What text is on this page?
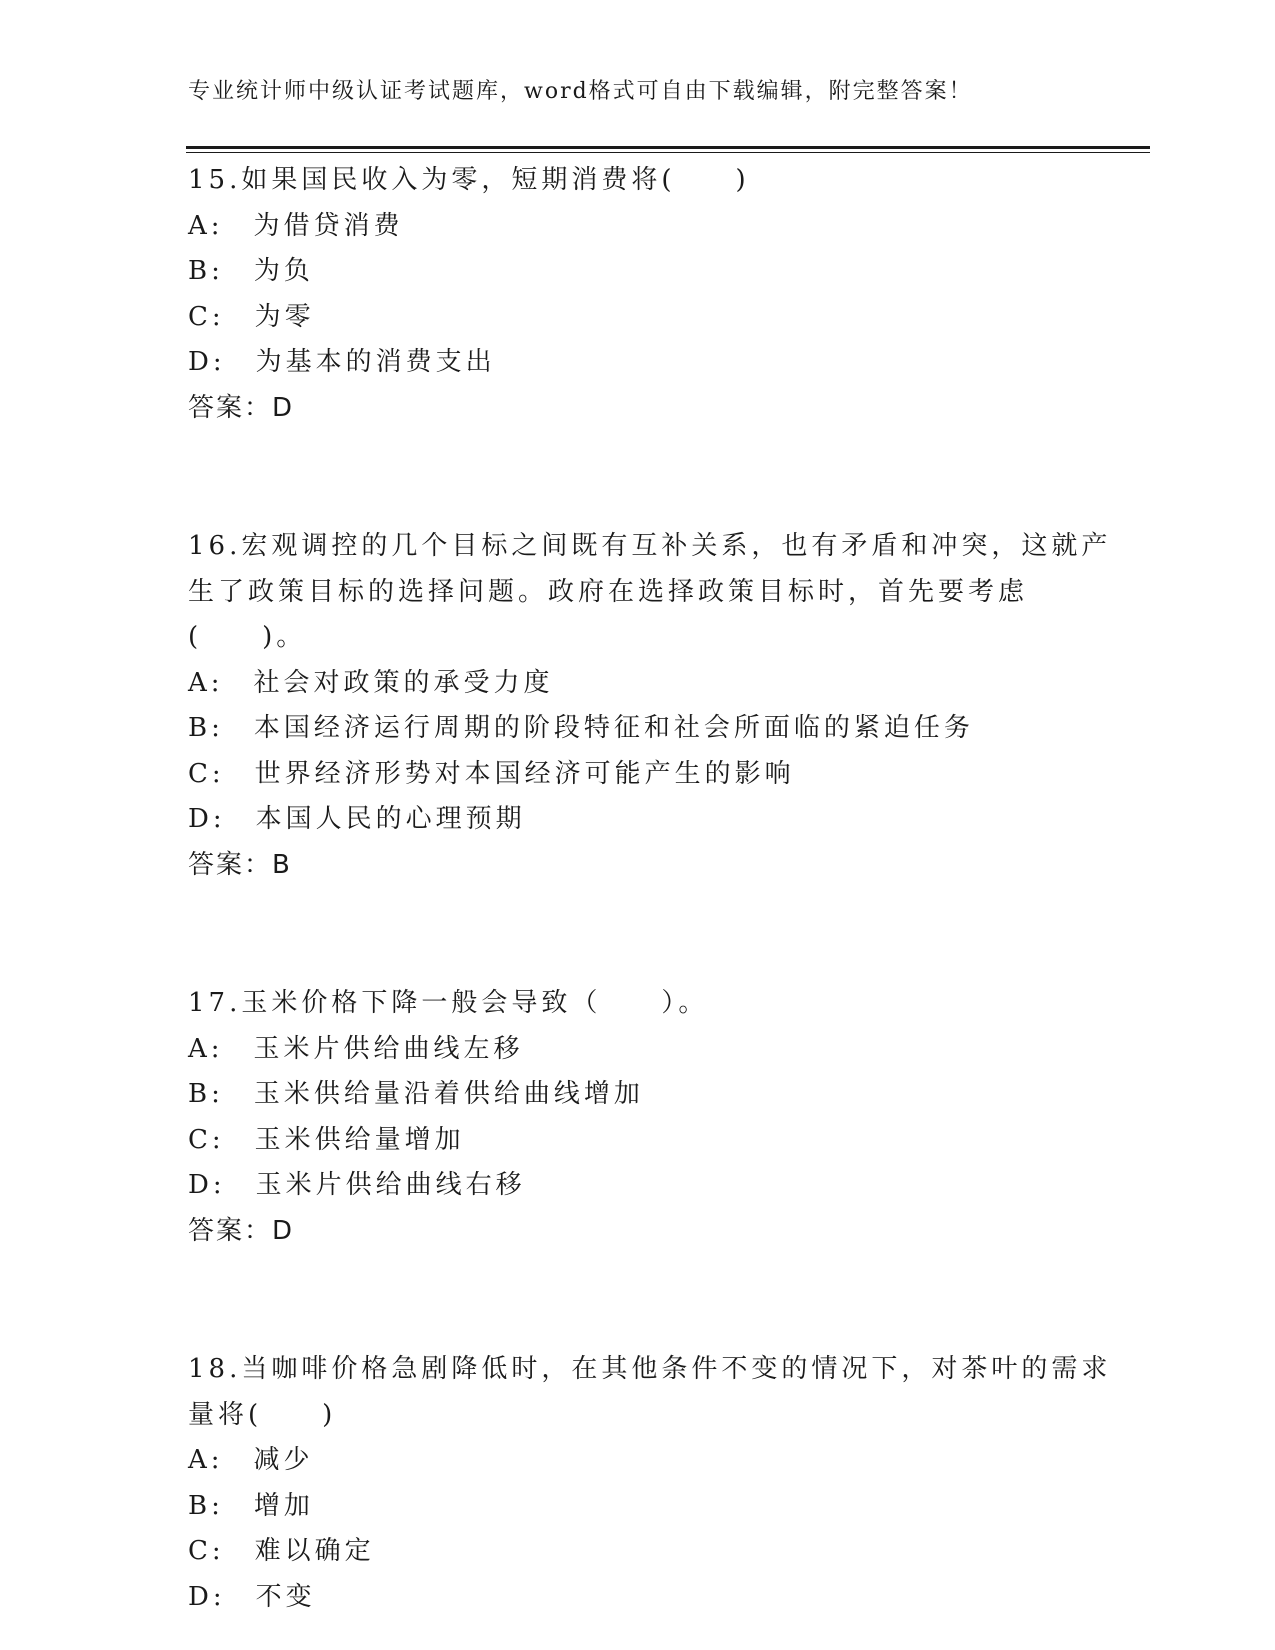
专业统计师中级认证考试题库，word格式可自由下载编辑，附完整答案！
15.如果国民收入为零，短期消费将(　　)
A:　为借贷消费
B:　为负
C:　为零
D:　为基本的消费支出
答案：D
16.宏观调控的几个目标之间既有互补关系，也有矛盾和冲突，这就产
生了政策目标的选择问题。政府在选择政策目标时，首先要考虑
(　　)。
A:　社会对政策的承受力度
B:　本国经济运行周期的阶段特征和社会所面临的紧迫任务
C:　世界经济形势对本国经济可能产生的影响
D:　本国人民的心理预期
答案：B
17.玉米价格下降一般会导致（　　）。
A:　玉米片供给曲线左移
B:　玉米供给量沿着供给曲线增加
C:　玉米供给量增加
D:　玉米片供给曲线右移
答案：D
18.当咖啡价格急剧降低时，在其他条件不变的情况下，对茶叶的需求
量将(　　)
A:　减少
B:　增加
C:　难以确定
D:　不变
